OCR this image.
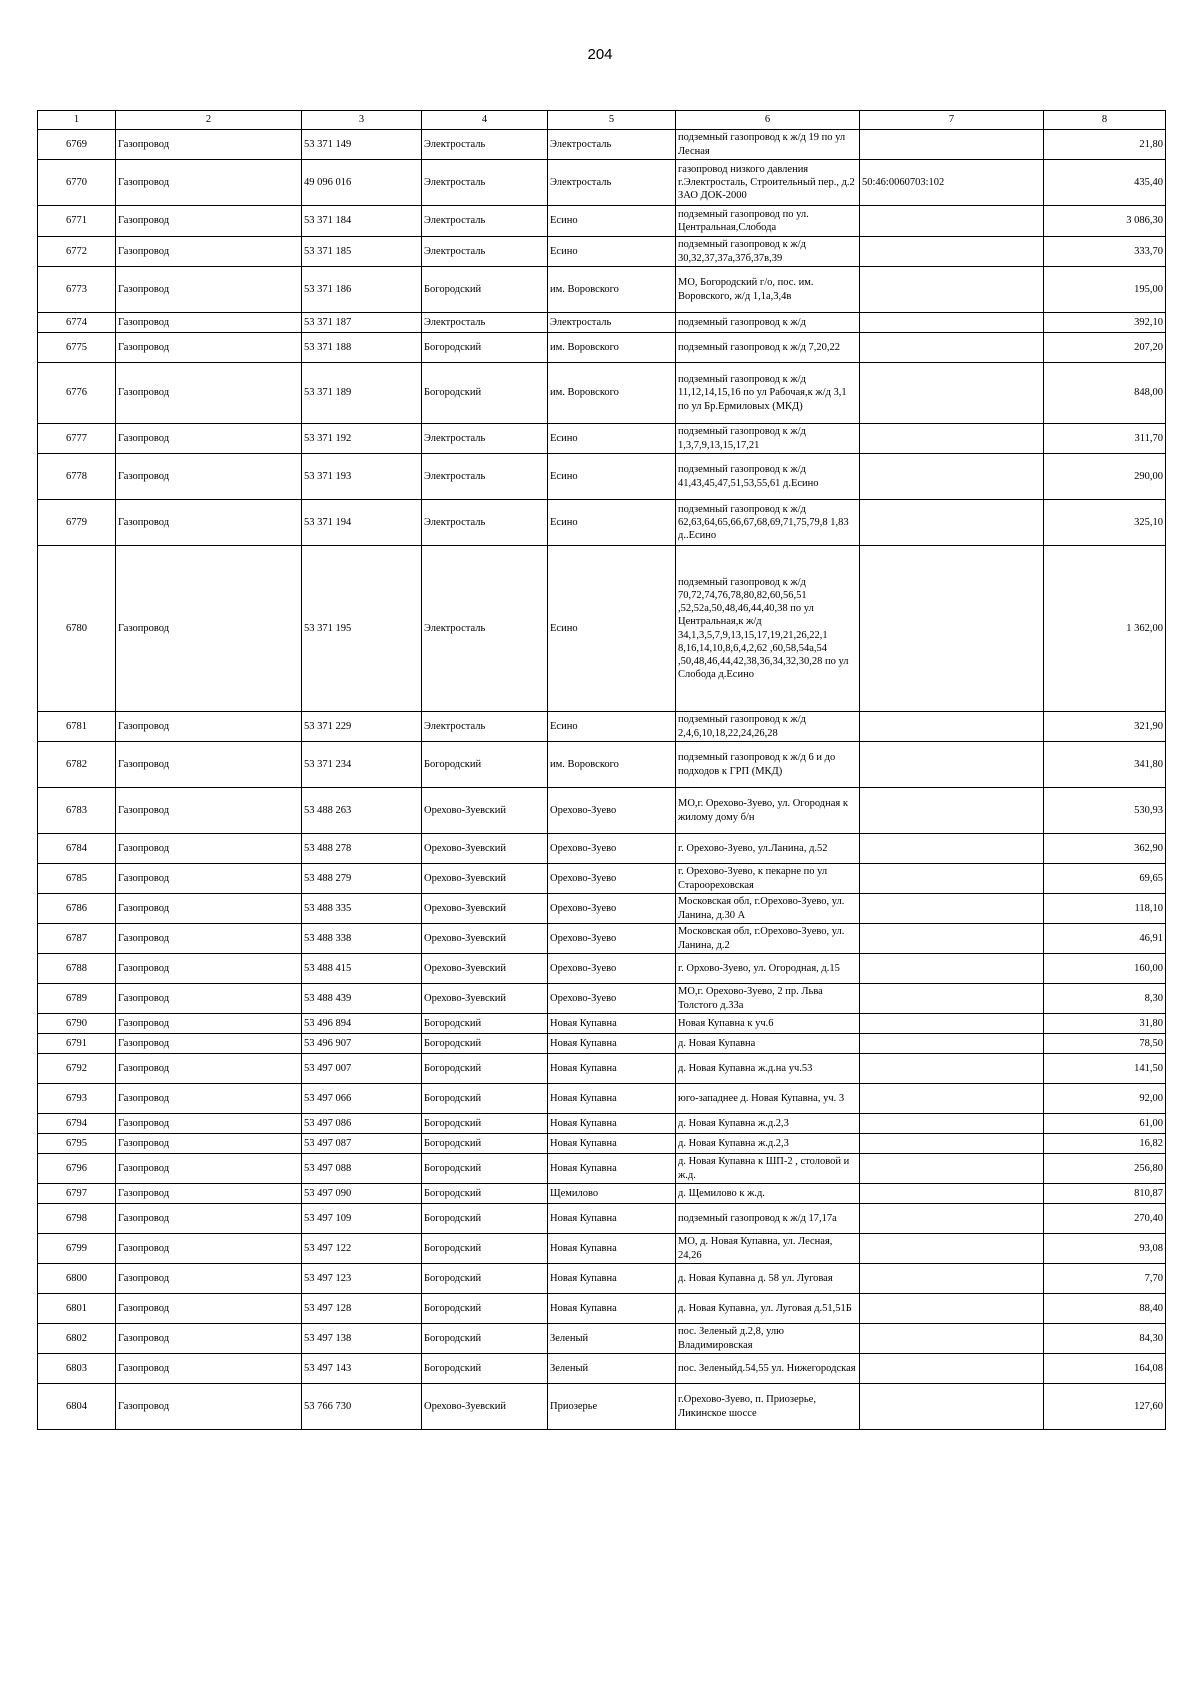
204
1	2	3	4	5	6	7	8
6769	Газопровод	53 371 149	Электросталь	Электросталь	подземный газопровод к ж/д 19 по ул Лесная		21,80
6770	Газопровод	49 096 016	Электросталь	Электросталь	газопровод низкого давления г.Электросталь, Строительный пер., д.2 ЗАО ДОК-2000	50:46:0060703:102	435,40
6771	Газопровод	53 371 184	Электросталь	Есино	подземный газопровод по ул. Центральная,Слобода		3 086,30
6772	Газопровод	53 371 185	Электросталь	Есино	подземный газопровод к ж/д 30,32,37,37а,37б,37в,39		333,70
6773	Газопровод	53 371 186	Богородский	им. Воровского	МО, Богородский г/о, пос. им. Воровского, ж/д 1,1а,3,4в		195,00
6774	Газопровод	53 371 187	Электросталь	Электросталь	подземный газопровод к ж/д		392,10
6775	Газопровод	53 371 188	Богородский	им. Воровского	подземный газопровод к ж/д 7,20,22		207,20
6776	Газопровод	53 371 189	Богородский	им. Воровского	подземный газопровод к ж/д 11,12,14,15,16 по ул Рабочая,к ж/д 3,1 по ул Бр.Ермиловых (МКД)		848,00
6777	Газопровод	53 371 192	Электросталь	Есино	подземный газопровод к ж/д 1,3,7,9,13,15,17,21		311,70
6778	Газопровод	53 371 193	Электросталь	Есино	подземный газопровод к ж/д 41,43,45,47,51,53,55,61 д.Есино		290,00
6779	Газопровод	53 371 194	Электросталь	Есино	подземный газопровод к ж/д 62,63,64,65,66,67,68,69,71,75,79,8 1,83 д..Есино		325,10
6780	Газопровод	53 371 195	Электросталь	Есино	подземный газопровод к ж/д 70,72,74,76,78,80,82,60,56,51 ,52,52а,50,48,46,44,40,38 по ул Центральная,к ж/д 34,1,3,5,7,9,13,15,17,19,21,26,22,1 8,16,14,10,8,6,4,2,62 ,60,58,54а,54 ,50,48,46,44,42,38,36,34,32,30,28 по ул Слобода д.Есино		1 362,00
6781	Газопровод	53 371 229	Электросталь	Есино	подземный газопровод к ж/д 2,4,6,10,18,22,24,26,28		321,90
6782	Газопровод	53 371 234	Богородский	им. Воровского	подземный газопровод к ж/д 6 и до подходов к ГРП (МКД)		341,80
6783	Газопровод	53 488 263	Орехово-Зуевский	Орехово-Зуево	МО,г. Орехово-Зуево, ул. Огородная к жилому дому б/н		530,93
6784	Газопровод	53 488 278	Орехово-Зуевский	Орехово-Зуево	г. Орехово-Зуево, ул.Ланина, д.52		362,90
6785	Газопровод	53 488 279	Орехово-Зуевский	Орехово-Зуево	г. Орехово-Зуево, к пекарне по ул Староореховская		69,65
6786	Газопровод	53 488 335	Орехово-Зуевский	Орехово-Зуево	Московская обл, г.Орехово-Зуево, ул. Ланина, д.30 А		118,10
6787	Газопровод	53 488 338	Орехово-Зуевский	Орехово-Зуево	Московская обл, г.Орехово-Зуево, ул. Ланина, д.2		46,91
6788	Газопровод	53 488 415	Орехово-Зуевский	Орехово-Зуево	г. Орхово-Зуево, ул. Огородная, д.15		160,00
6789	Газопровод	53 488 439	Орехово-Зуевский	Орехово-Зуево	МО,г. Орехово-Зуево, 2 пр. Льва Толстого д.33а		8,30
6790	Газопровод	53 496 894	Богородский	Новая Купавна	Новая Купавна к уч.6		31,80
6791	Газопровод	53 496 907	Богородский	Новая Купавна	д. Новая Купавна		78,50
6792	Газопровод	53 497 007	Богородский	Новая Купавна	д. Новая Купавна ж.д.на уч.53		141,50
6793	Газопровод	53 497 066	Богородский	Новая Купавна	юго-западнее д. Новая Купавна, уч. 3		92,00
6794	Газопровод	53 497 086	Богородский	Новая Купавна	д. Новая Купавна ж.д.2,3		61,00
6795	Газопровод	53 497 087	Богородский	Новая Купавна	д. Новая Купавна ж.д.2,3		16,82
6796	Газопровод	53 497 088	Богородский	Новая Купавна	д. Новая Купавна к ШП-2 , столовой и ж.д.		256,80
6797	Газопровод	53 497 090	Богородский	Щемилово	д. Щемилово к ж.д.		810,87
6798	Газопровод	53 497 109	Богородский	Новая Купавна	подземный газопровод к ж/д 17,17а		270,40
6799	Газопровод	53 497 122	Богородский	Новая Купавна	МО, д. Новая Купавна, ул. Лесная, 24,26		93,08
6800	Газопровод	53 497 123	Богородский	Новая Купавна	д. Новая Купавна д. 58 ул. Луговая		7,70
6801	Газопровод	53 497 128	Богородский	Новая Купавна	д. Новая Купавна, ул. Луговая д.51,51Б		88,40
6802	Газопровод	53 497 138	Богородский	Зеленый	пос. Зеленый д.2,8, улю Владимировская		84,30
6803	Газопровод	53 497 143	Богородский	Зеленый	пос. Зеленыйд.54,55 ул. Нижегородская		164,08
6804	Газопровод	53 766 730	Орехово-Зуевский	Приозерье	г.Орехово-Зуево, п. Приозерье, Ликинское шоссе		127,60
